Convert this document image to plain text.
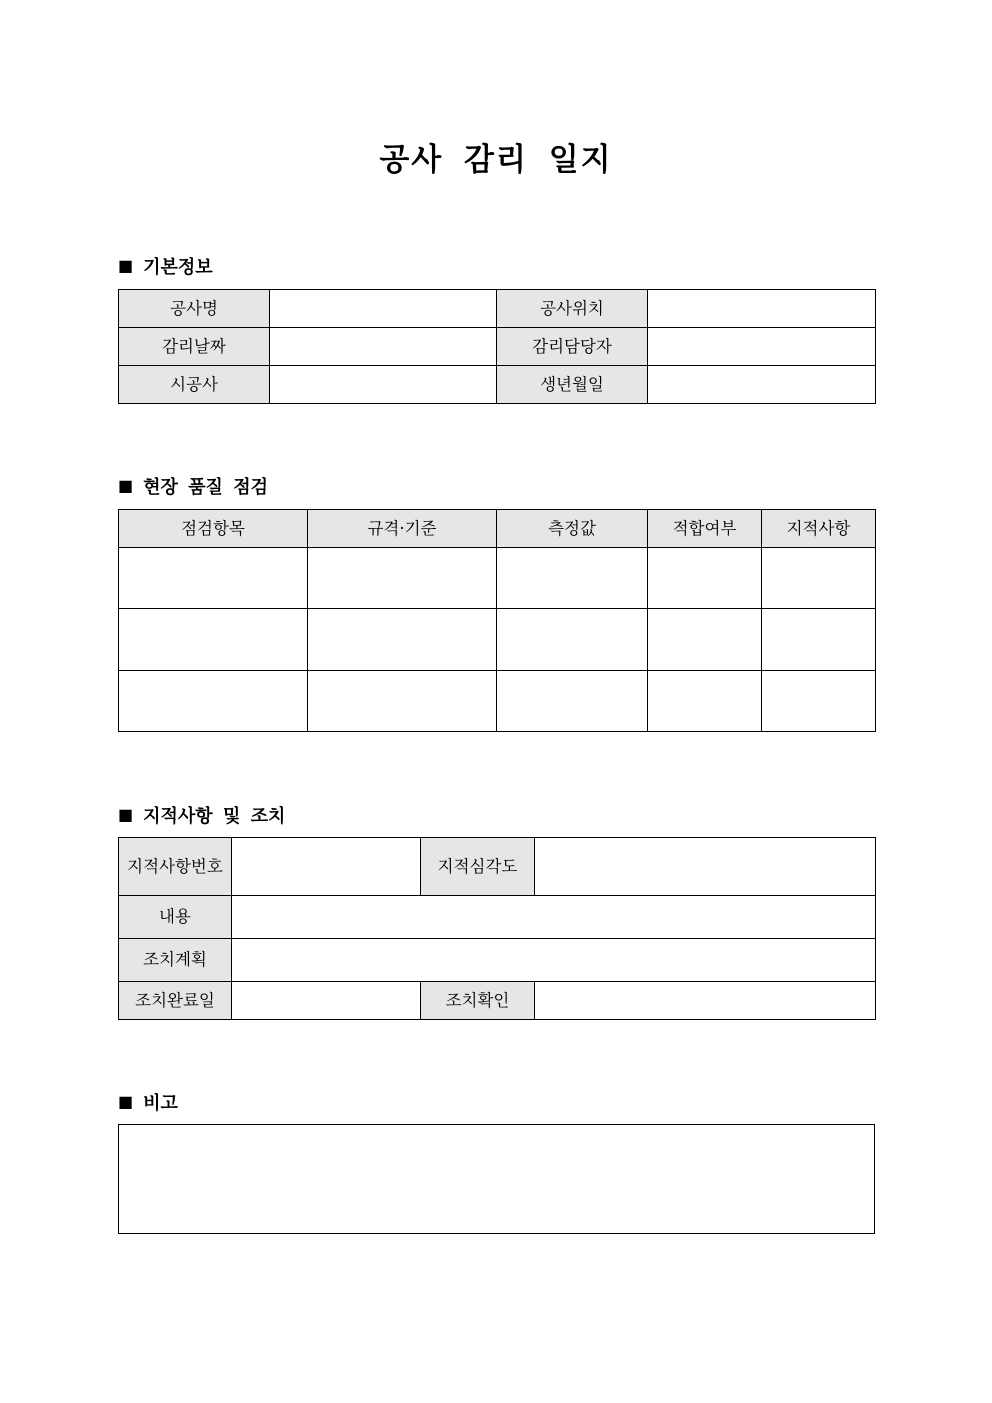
공사 감리 일지
■ 기본정보
공사명		공사위치	
감리날짜		감리담당자	
시공사		생년월일	
■ 현장 품질 점검
점검항목	규격·기준	측정값	적합여부	지적사항

■ 지적사항 및 조치
지적사항번호		지적심각도	
내용			
조치계획			
조치완료일		조치확인	
■ 비고
